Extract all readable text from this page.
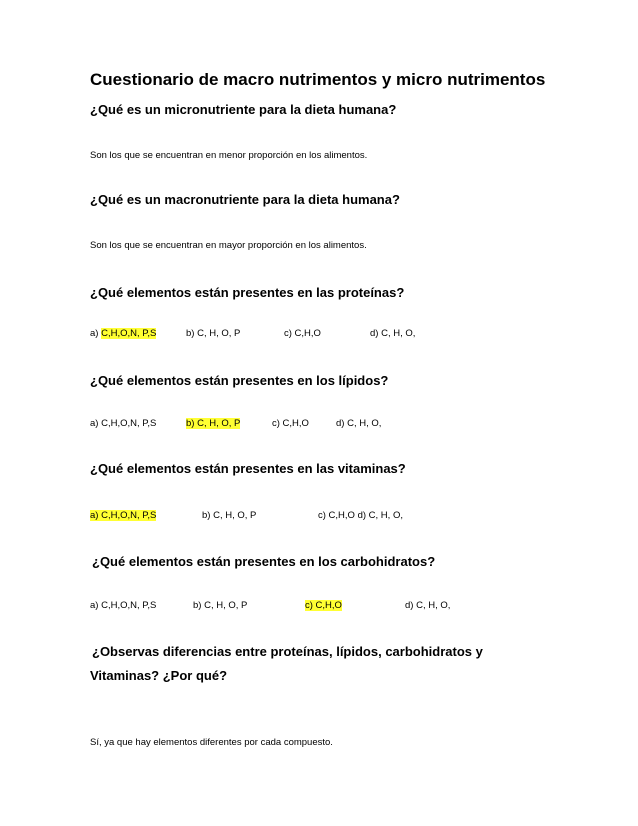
Cuestionario de macro nutrimentos y micro nutrimentos
¿Qué es un micronutriente para la dieta humana?
Son los que se encuentran en menor proporción en los alimentos.
¿Qué es un macronutriente para la dieta humana?
Son los que se encuentran en mayor proporción en los alimentos.
¿Qué elementos están presentes en las proteínas?
a) C,H,O,N, P,S	b) C, H, O, P	c) C,H,O	d) C, H, O,
¿Qué elementos están presentes en los lípidos?
a) C,H,O,N, P,S	b) C, H, O, P	c) C,H,O	d) C, H, O,
¿Qué elementos están presentes en las vitaminas?
a) C,H,O,N, P,S	b) C, H, O, P	c) C,H,O d) C, H, O,
¿Qué elementos están presentes en los carbohidratos?
a) C,H,O,N, P,S	b) C, H, O, P	c) C,H,O	d) C, H, O,
¿Observas diferencias entre proteínas, lípidos, carbohidratos y
Vitaminas? ¿Por qué?
Sí, ya que hay elementos diferentes por cada compuesto.
